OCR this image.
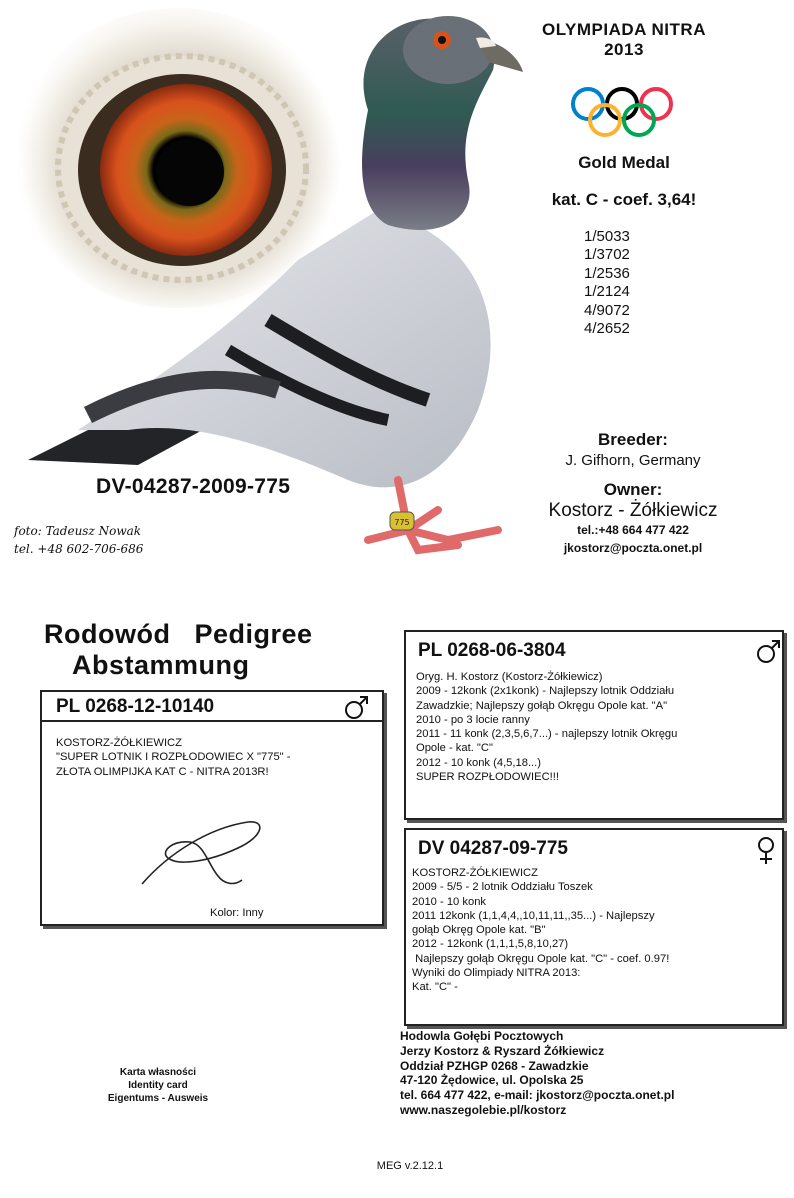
775
OLYMPIADA NITRA
2013
Gold Medal
kat. C - coef. 3,64!
1/5033
1/3702
1/2536
1/2124
4/9072
4/2652
Breeder:
J. Gifhorn, Germany
Owner:
Kostorz - Żółkiewicz
tel.:+48 664 477 422
jkostorz@poczta.onet.pl
DV-04287-2009-775
foto: Tadeusz Nowak
tel. +48 602-706-686
Rodowód   Pedigree
Abstammung
PL 0268-12-10140
KOSTORZ-ŻÓŁKIEWICZ
"SUPER LOTNIK I ROZPŁODOWIEC X "775" -
ZŁOTA OLIMPIJKA KAT C - NITRA 2013R!
Kolor: Inny
PL 0268-06-3804
Oryg. H. Kostorz (Kostorz-Żółkiewicz)
2009 - 12konk (2x1konk) - Najlepszy lotnik Oddziału
Zawadzkie; Najlepszy gołąb Okręgu Opole kat. "A"
2010 - po 3 locie ranny
2011 - 11 konk (2,3,5,6,7...) - najlepszy lotnik Okręgu
Opole - kat. "C"
2012 - 10 konk (4,5,18...)
SUPER ROZPŁODOWIEC!!!
DV 04287-09-775
KOSTORZ-ŻÓŁKIEWICZ
2009 - 5/5 - 2 lotnik Oddziału Toszek
2010 - 10 konk
2011 12konk (1,1,4,4,,10,11,11,,35...) - Najlepszy
gołąb Okręg Opole kat. "B"
2012 - 12konk (1,1,1,5,8,10,27)
Najlepszy gołąb Okręgu Opole kat. "C" - coef. 0.97!
Wyniki do Olimpiady NITRA 2013:
Kat. "C" -
Karta własności
Identity card
Eigentums - Ausweis
Hodowla Gołębi Pocztowych
Jerzy Kostorz & Ryszard Żółkiewicz
Oddział PZHGP 0268 - Zawadzkie
47-120 Żędowice, ul. Opolska 25
tel. 664 477 422, e-mail: jkostorz@poczta.onet.pl
www.naszegolebie.pl/kostorz
MEG v.2.12.1
